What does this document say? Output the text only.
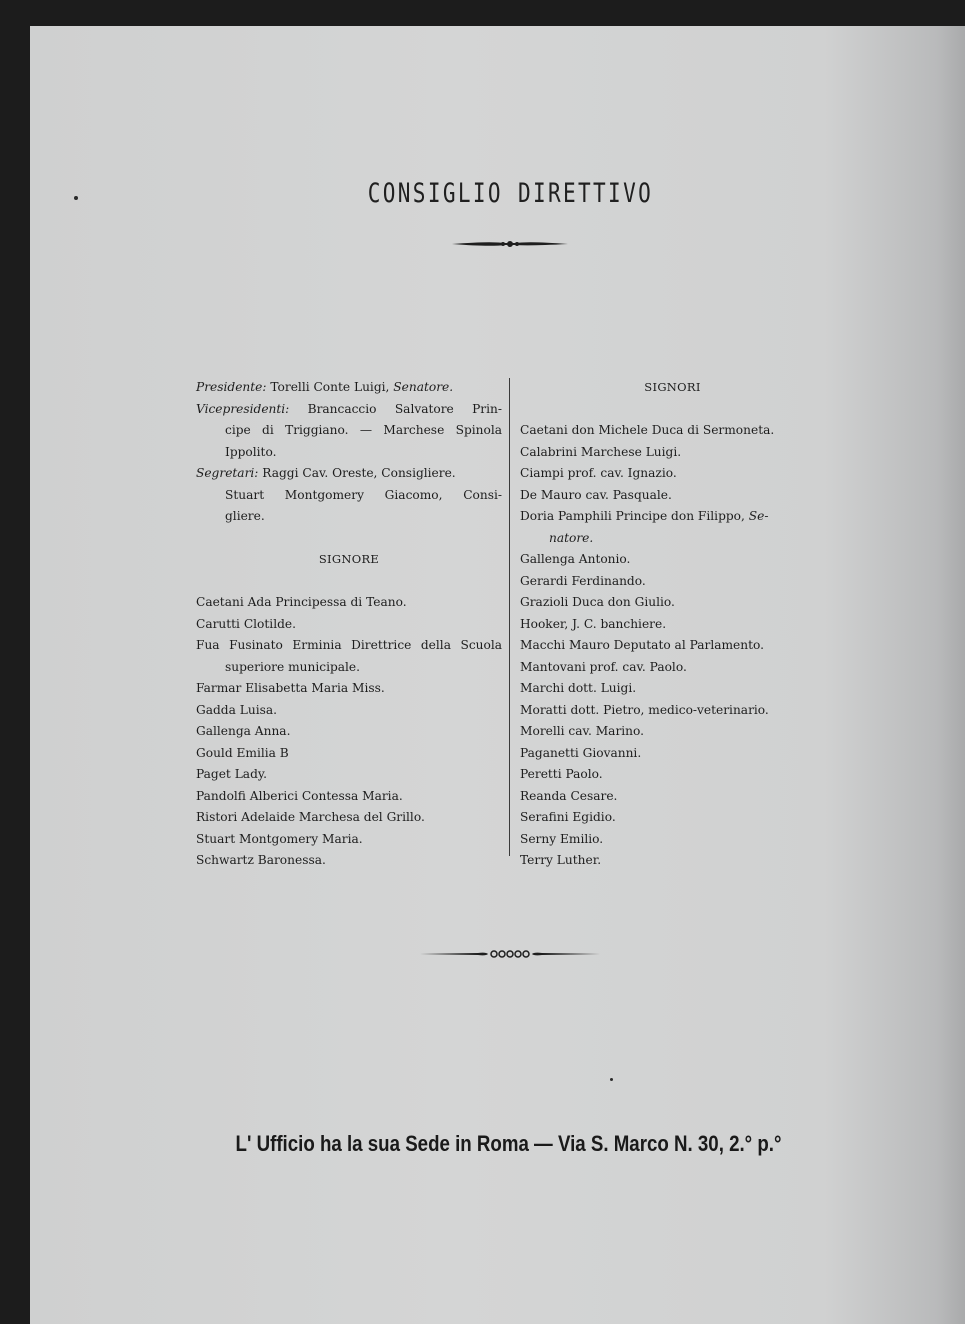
CONSIGLIO DIRETTIVO
Presidente: Torelli Conte Luigi, Senatore.
Vicepresidenti: Brancaccio Salvatore Prin-
cipe di Triggiano. — Marchese Spinola
Ippolito.
Segretari: Raggi Cav. Oreste, Consigliere.
Stuart Montgomery Giacomo, Consi-
gliere.
SIGNORE
Caetani Ada Principessa di Teano.
Carutti Clotilde.
Fua Fusinato Erminia Direttrice della Scuola
superiore municipale.
Farmar Elisabetta Maria Miss.
Gadda Luisa.
Gallenga Anna.
Gould Emilia B
Paget Lady.
Pandolfi Alberici Contessa Maria.
Ristori Adelaide Marchesa del Grillo.
Stuart Montgomery Maria.
Schwartz Baronessa.
SIGNORI
Caetani don Michele Duca di Sermoneta.
Calabrini Marchese Luigi.
Ciampi prof. cav. Ignazio.
De Mauro cav. Pasquale.
Doria Pamphili Principe don Filippo, Se-
natore.
Gallenga Antonio.
Gerardi Ferdinando.
Grazioli Duca don Giulio.
Hooker, J. C. banchiere.
Macchi Mauro Deputato al Parlamento.
Mantovani prof. cav. Paolo.
Marchi dott. Luigi.
Moratti dott. Pietro, medico-veterinario.
Morelli cav. Marino.
Paganetti Giovanni.
Peretti Paolo.
Reanda Cesare.
Serafini Egidio.
Serny Emilio.
Terry Luther.
L' Ufficio ha la sua Sede in Roma — Via S. Marco N. 30, 2.° p.°
